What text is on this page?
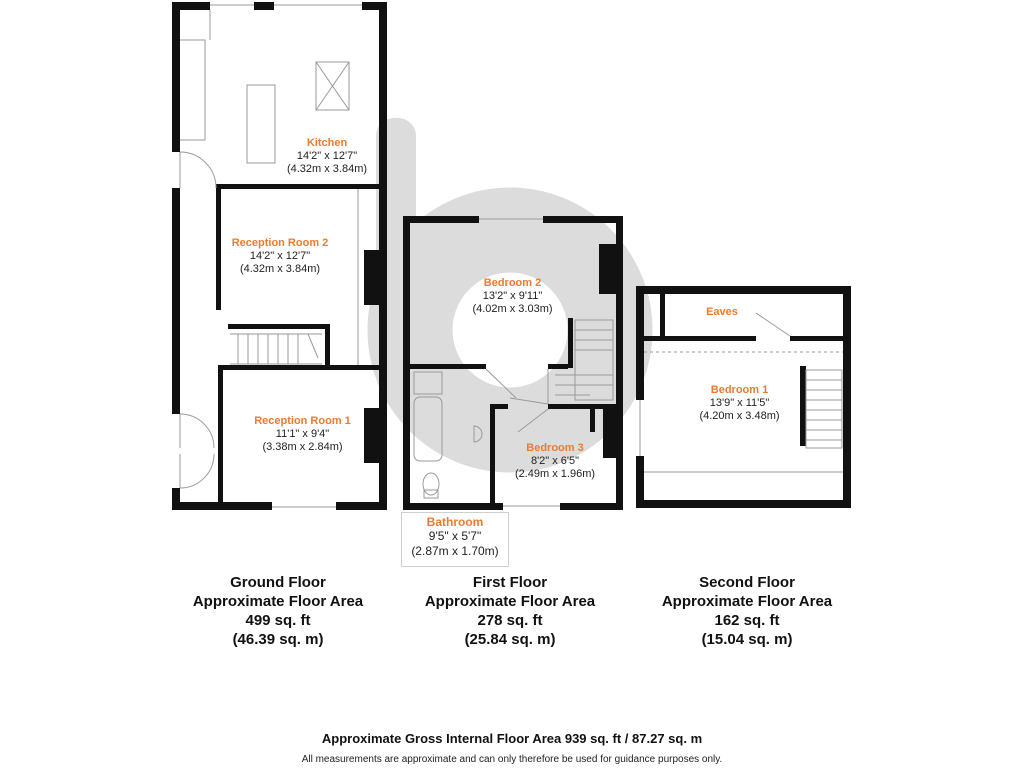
Kitchen
14'2" x 12'7"
(4.32m x 3.84m)
Reception Room 2
14'2" x 12'7"
(4.32m x 3.84m)
Reception Room 1
11'1" x 9'4"
(3.38m x 2.84m)
Bedroom 2
13'2" x 9'11"
(4.02m x 3.03m)
Bedroom 3
8'2" x 6'5"
(2.49m x 1.96m)
Bathroom
9'5" x 5'7"
(2.87m x 1.70m)
Eaves
Bedroom 1
13'9" x 11'5"
(4.20m x 3.48m)
Ground Floor
Approximate Floor Area
499 sq. ft
(46.39 sq. m)
First Floor
Approximate Floor Area
278 sq. ft
(25.84 sq. m)
Second Floor
Approximate Floor Area
162 sq. ft
(15.04 sq. m)
Approximate Gross Internal Floor Area 939 sq. ft / 87.27 sq. m
All measurements are approximate and can only therefore be used for guidance purposes only.
